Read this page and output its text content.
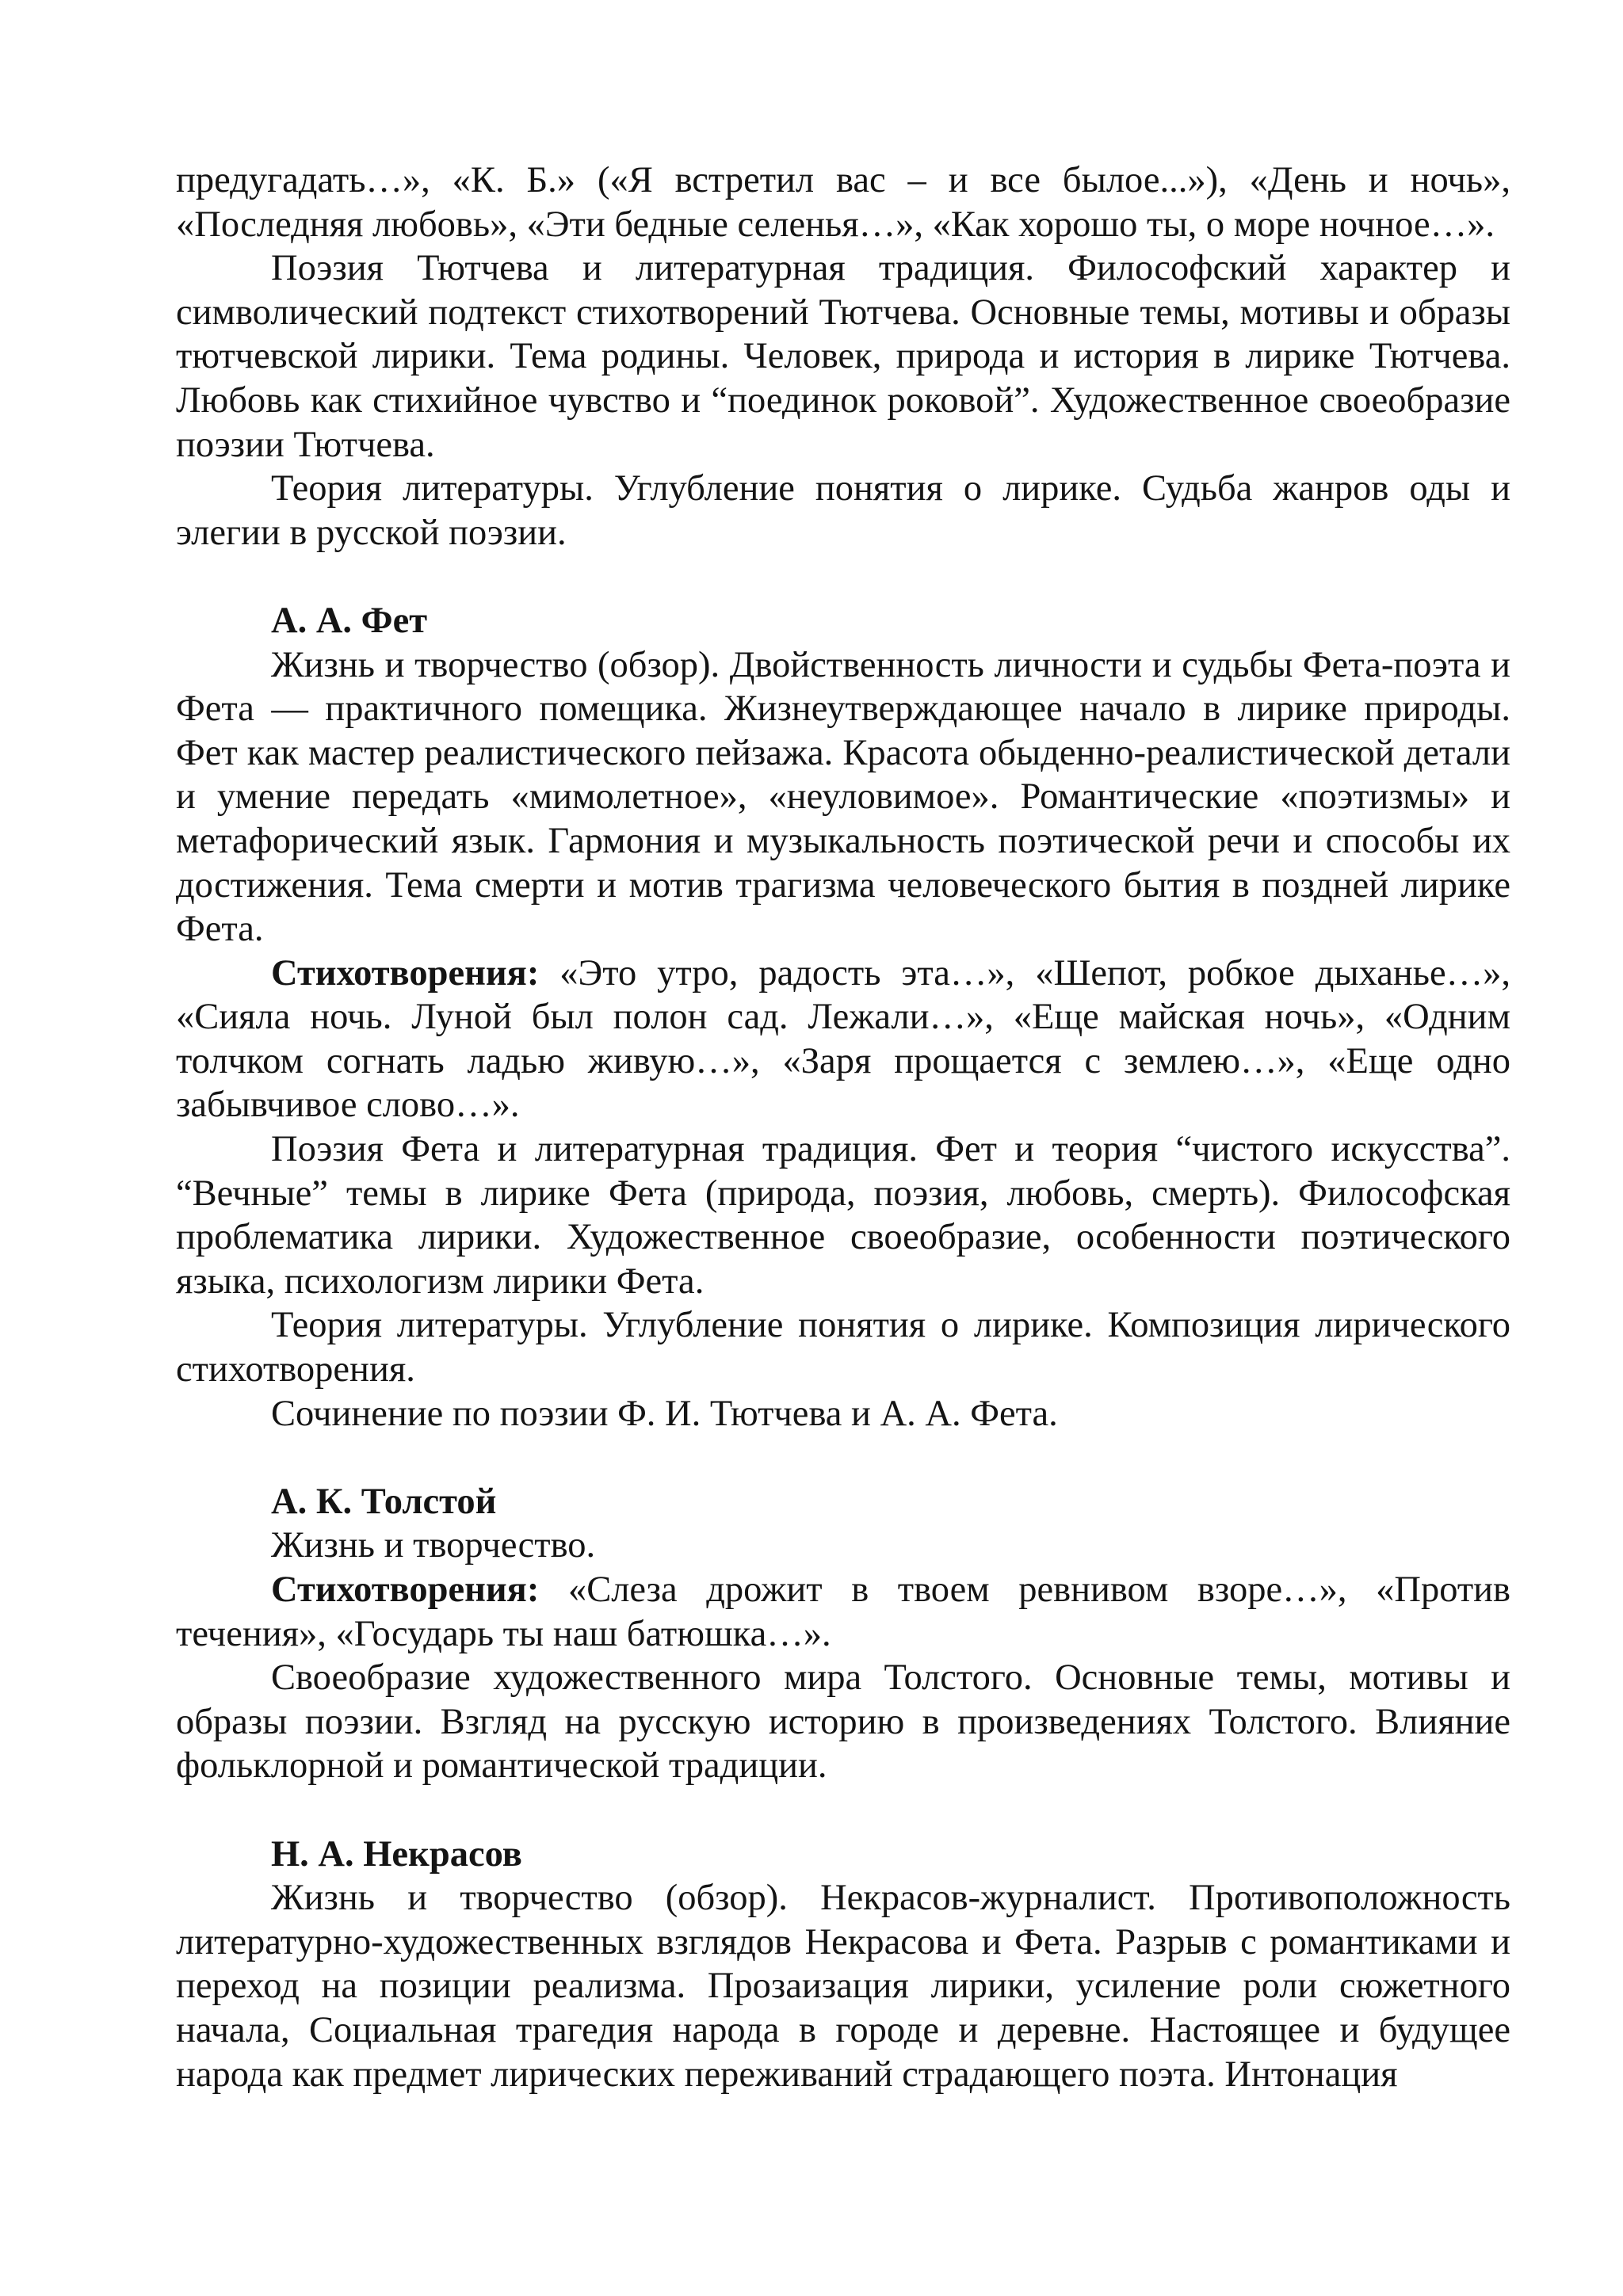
предугадать…», «К. Б.» («Я встретил вас – и все былое...»), «День и ночь», «Последняя любовь», «Эти бедные селенья…», «Как хорошо ты, о море ночное…».

Поэзия Тютчева и литературная традиция. Философский характер и символический подтекст стихотворений Тютчева. Основные темы, мотивы и образы тютчевской лирики. Тема родины. Человек, природа и история в лирике Тютчева. Любовь как стихийное чувство и “поединок роковой”. Художественное своеобразие поэзии Тютчева.

Теория литературы. Углубление понятия о лирике. Судьба жанров оды и элегии в русской поэзии.

А. А. Фет

Жизнь и творчество (обзор). Двойственность личности и судьбы Фета-поэта и Фета — практичного помещика. Жизнеутверждающее начало в лирике природы. Фет как мастер реалистического пейзажа. Красота обыденно-реалистической детали и умение передать «мимолетное», «неуловимое». Романтические «поэтизмы» и метафорический язык. Гармония и музыкальность поэтической речи и способы их достижения. Тема смерти и мотив трагизма человеческого бытия в поздней лирике Фета.

Стихотворения: «Это утро, радость эта…», «Шепот, робкое дыханье…», «Сияла ночь. Луной был полон сад. Лежали…», «Еще майская ночь», «Одним толчком согнать ладью живую…», «Заря прощается с землею…», «Еще одно забывчивое слово…».

Поэзия Фета и литературная традиция. Фет и теория “чистого искусства”. “Вечные” темы в лирике Фета (природа, поэзия, любовь, смерть). Философская проблематика лирики. Художественное своеобразие, особенности поэтического языка, психологизм лирики Фета.

Теория литературы. Углубление понятия о лирике. Композиция лирического стихотворения.

Сочинение по поэзии Ф. И. Тютчева и А. А. Фета.

А. К. Толстой

Жизнь и творчество.

Стихотворения: «Слеза дрожит в твоем ревнивом взоре…», «Против течения», «Государь ты наш батюшка…».

Своеобразие художественного мира Толстого. Основные темы, мотивы и образы поэзии. Взгляд на русскую историю в произведениях Толстого. Влияние фольклорной и романтической традиции.

Н. А. Некрасов

Жизнь и творчество (обзор). Некрасов-журналист. Противоположность литературно-художественных взглядов Некрасова и Фета. Разрыв с романтиками и переход на позиции реализма. Прозаизация лирики, усиление роли сюжетного начала, Социальная трагедия народа в городе и деревне. Настоящее и будущее народа как предмет лирических переживаний страдающего поэта. Интонация
